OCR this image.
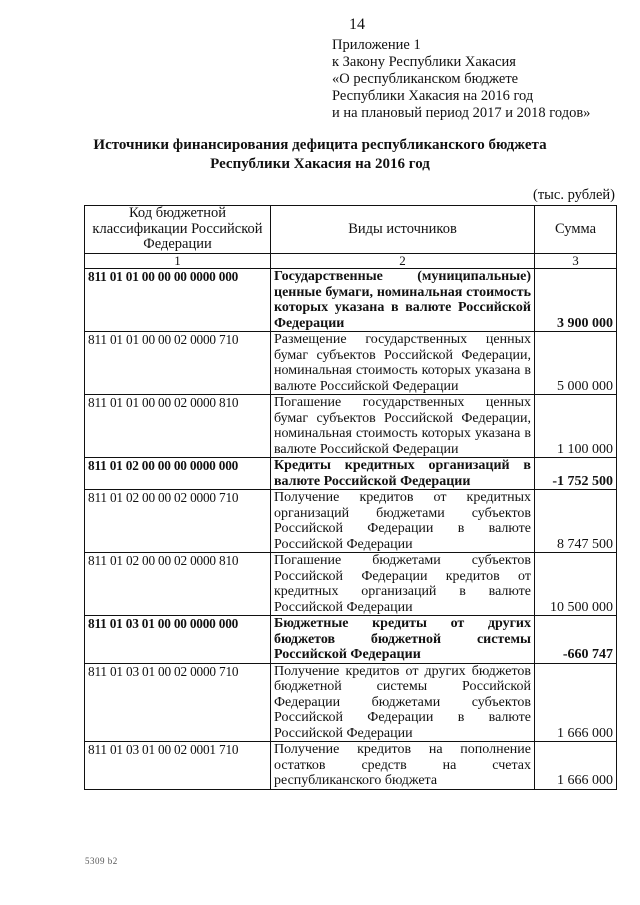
14
Приложение 1
к Закону Республики Хакасия
«О республиканском бюджете
Республики Хакасия на 2016 год
и на плановый период 2017 и 2018 годов»
Источники финансирования дефицита республиканского бюджета
Республики Хакасия на 2016 год
(тыс. рублей)
Код бюджетной классификации Российской Федерации	Виды источников	Сумма
1	2	3
811 01 01 00 00 00 0000 000	Государственные (муниципальные) ценные бумаги, номинальная стоимость которых указана в валюте Российской Федерации	3 900 000
811 01 01 00 00 02 0000 710	Размещение государственных ценных бумаг субъектов Российской Федерации, номинальная стоимость которых указана в валюте Российской Федерации	5 000 000
811 01 01 00 00 02 0000 810	Погашение государственных ценных бумаг субъектов Российской Федерации, номинальная стоимость которых указана в валюте Российской Федерации	1 100 000
811 01 02 00 00 00 0000 000	Кредиты кредитных организаций в валюте Российской Федерации	-1 752 500
811 01 02 00 00 02 0000 710	Получение кредитов от кредитных организаций бюджетами субъектов Российской Федерации в валюте Российской Федерации	8 747 500
811 01 02 00 00 02 0000 810	Погашение бюджетами субъектов Российской Федерации кредитов от кредитных организаций в валюте Российской Федерации	10 500 000
811 01 03 01 00 00 0000 000	Бюджетные кредиты от других бюджетов бюджетной системы Российской Федерации	-660 747
811 01 03 01 00 02 0000 710	Получение кредитов от других бюджетов бюджетной системы Российской Федерации бюджетами субъектов Российской Федерации в валюте Российской Федерации	1 666 000
811 01 03 01 00 02 0001 710	Получение кредитов на пополнение остатков средств на счетах республиканского бюджета	1 666 000
5309 b2
